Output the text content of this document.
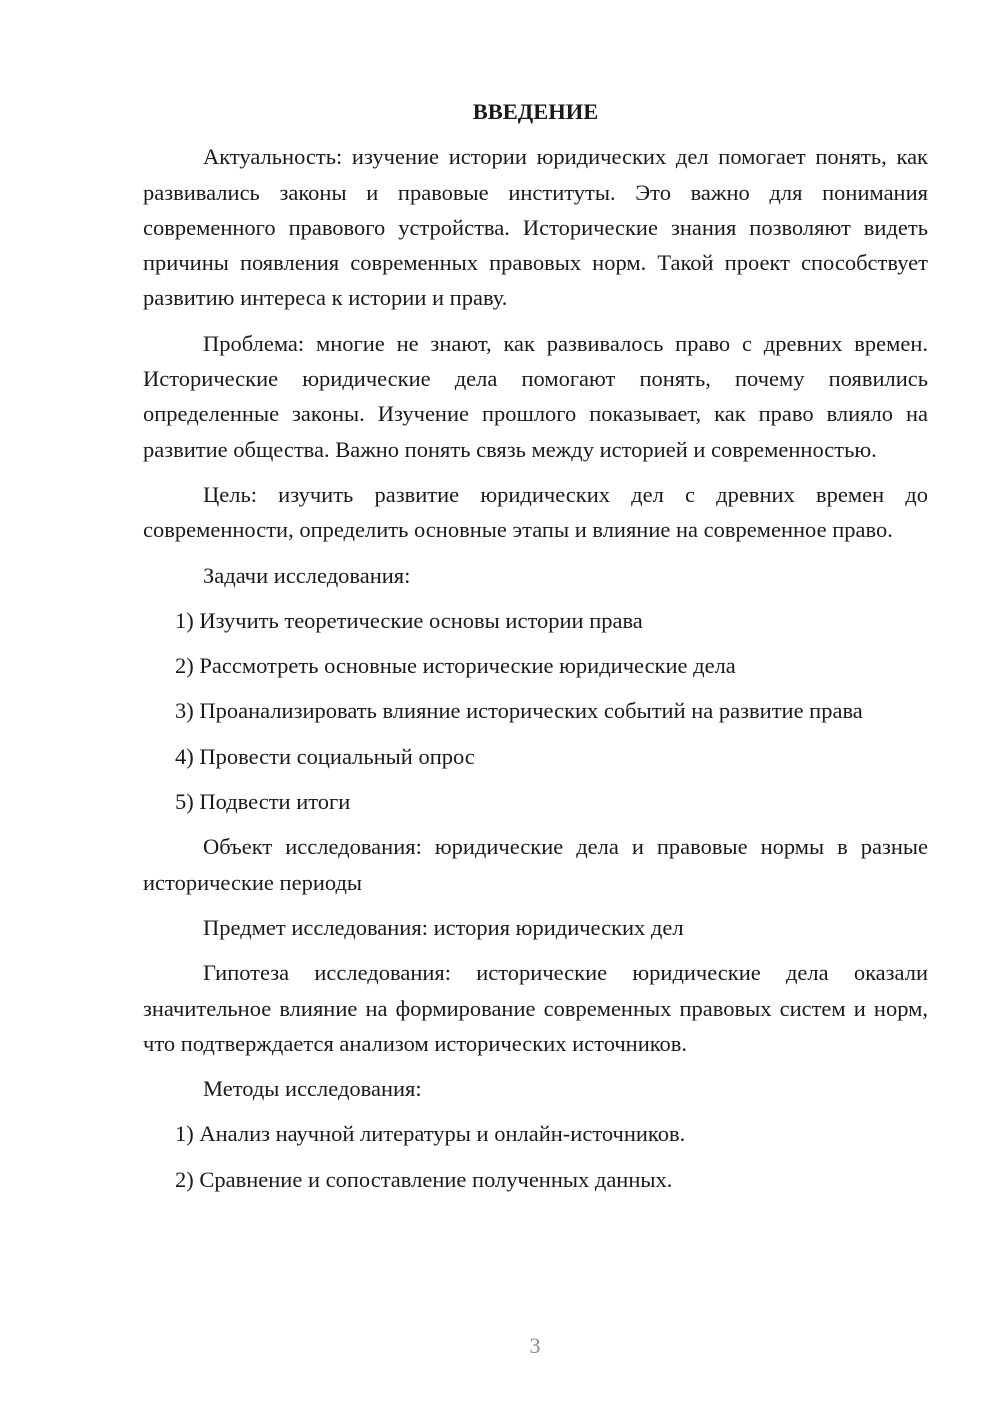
ВВЕДЕНИЕ

Актуальность: изучение истории юридических дел помогает понять, как развивались законы и правовые институты. Это важно для понимания современного правового устройства. Исторические знания позволяют видеть причины появления современных правовых норм. Такой проект способствует развитию интереса к истории и праву.

Проблема: многие не знают, как развивалось право с древних времен. Исторические юридические дела помогают понять, почему появились определенные законы. Изучение прошлого показывает, как право влияло на развитие общества. Важно понять связь между историей и современностью.

Цель: изучить развитие юридических дел с древних времен до современности, определить основные этапы и влияние на современное право.

Задачи исследования:

1) Изучить теоретические основы истории права

2) Рассмотреть основные исторические юридические дела

3) Проанализировать влияние исторических событий на развитие права

4) Провести социальный опрос

5) Подвести итоги

Объект исследования: юридические дела и правовые нормы в разные исторические периоды

Предмет исследования: история юридических дел

Гипотеза исследования: исторические юридические дела оказали значительное влияние на формирование современных правовых систем и норм, что подтверждается анализом исторических источников.

Методы исследования:

1) Анализ научной литературы и онлайн-источников.

2) Сравнение и сопоставление полученных данных.

3
